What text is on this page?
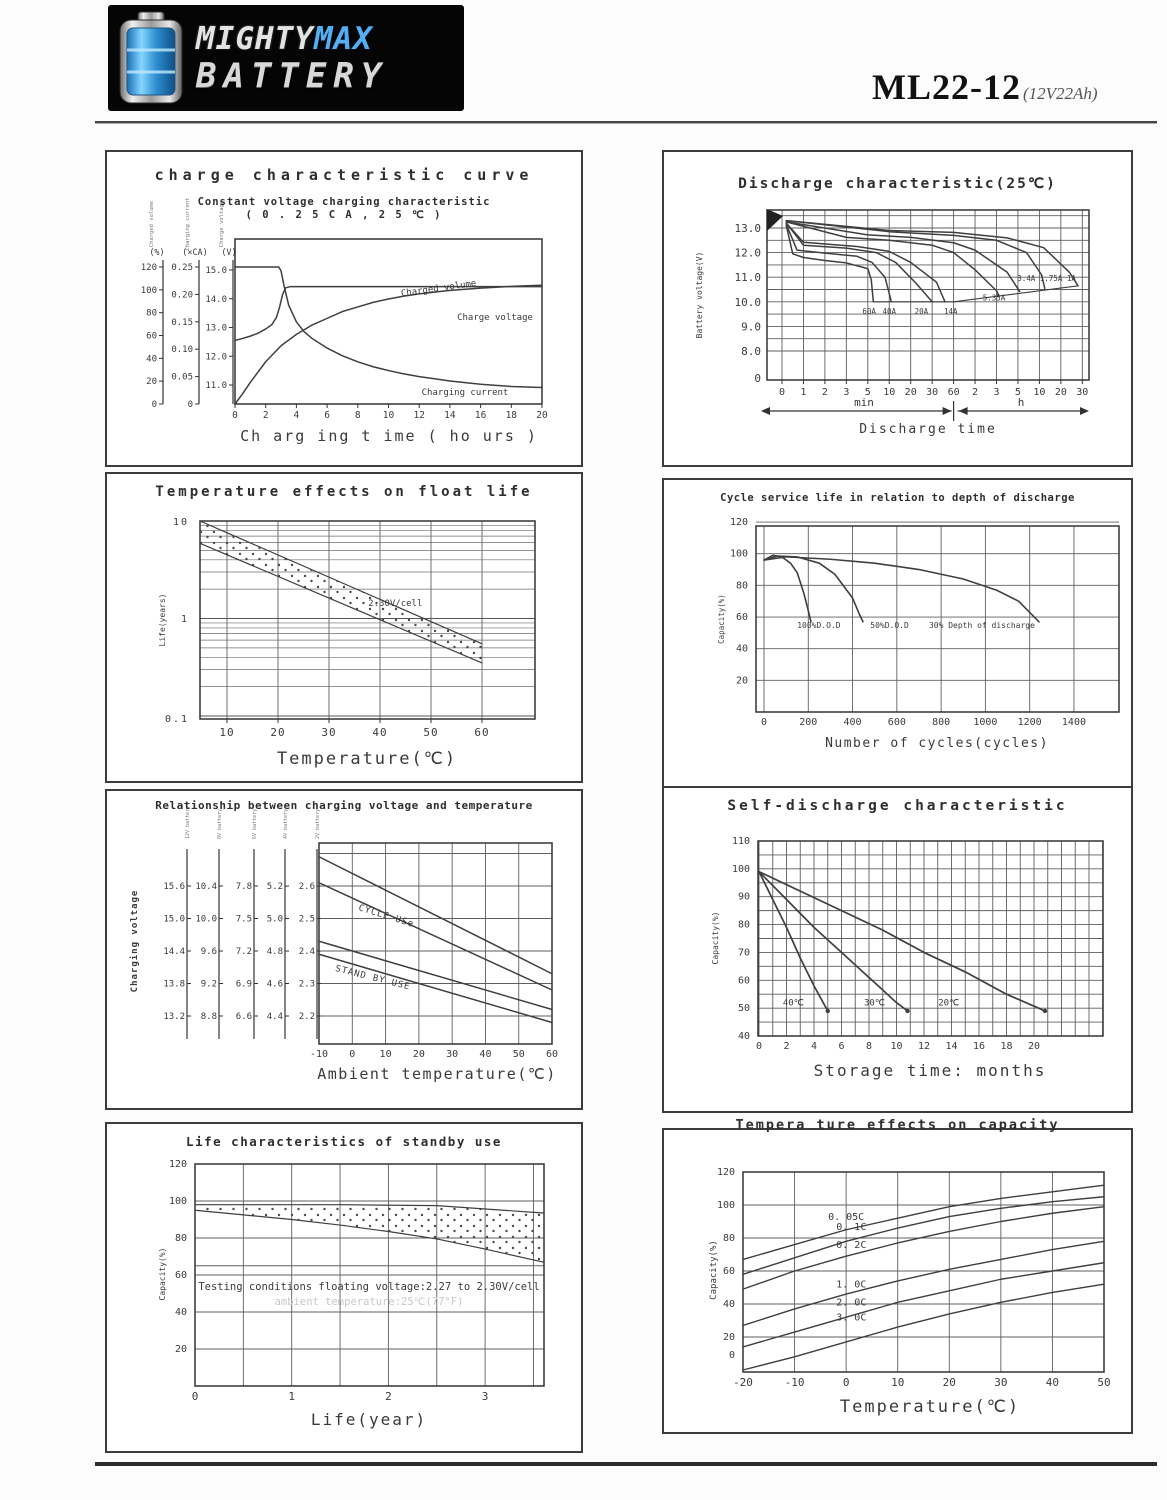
MIGHTYMAX
BATTERY	ML22-12 (12V22Ah)
(%)
Charged volume
0
20
40
60
80
100
120
(×CA)
Charging current
0
0.05
0.10
0.15
0.20
0.25
(V)
Charge voltage
11.0
12.0
13.0
14.0
15.0
0	2	4	6	8 10 12 14 16 18 20
Charged volume
Charge voltage
Charging current
Ch arg ing t ime ( ho urs )
charge characteristic curve
Constant voltage charging characteristic
( 0 . 2 5 C A , 2 5 ℃ )
13.0
12.0
11.0
10.0
9.0
8.0
0
0 1 2 3 5 10 20 30 60 2 3 5 10 20 30
min	h
Discharge time
Battery voltage(V)	60A 40A 20A 14A
5.35A
3.4A 1.75A 1A
Discharge characteristic(25℃)
10
1
0.1
10	20	30	40	50	60
2.30V/cell
Temperature(℃)
Life(years)
Temperature effects on float life
120
100
80
60
40
20
0	200	400	600	800 1000 1200 1400
100%D.O.D	50%D.O.D	30% Depth of discharge
Number of cycles(cycles)
Capacity(%)
Cycle service life in relation to depth of discharge
15.6
15.0
14.4
13.8
13.2
12V battery
10.4
10.0
9.6
9.2
8.8
8V battery
7.8
7.5
7.2
6.9
6.6
6V battery
5.2
5.0
4.8
4.6
4.4
4V battery
2.6
2.5
2.4
2.3
2.2
2V battery
CYCLE USe
STAND BY USE
-10 0 10 20 30 40 50 60
Ambient temperature(℃)
Charging voltage
Relationship between charging voltage and temperature
40
50
60
70
80
90
100
110
0 2 4 6 8 10 12 14 16 18 20
40℃	30℃	20℃
Storage time: months
Capacity(%)
Self-discharge characteristic
20
40
60
80
100
120
0	1	2	3
Testing conditions floating voltage:2.27 to 2.30V/cell
ambient temperature:25℃(77°F)
Life(year)
Capacity(%)
Life characteristics of standby use
120
100
80
60
40
20
0
-20	-10	0	10	20	30	40	50
0. 05C
0. 1C
0. 2C
1. 0C
2. 0C
3. 0C
Temperature(℃)
Capacity(%)
Tempera ture effects on capacity
